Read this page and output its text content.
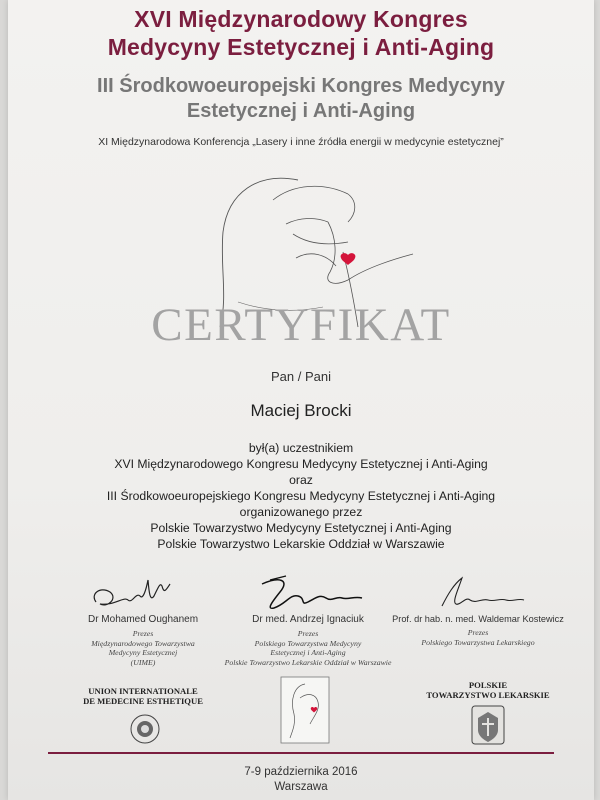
XVI Międzynarodowy Kongres
Medycyny Estetycznej i Anti-Aging
III Środkowoeuropejski Kongres Medycyny
Estetycznej i Anti-Aging
XI Międzynarodowa Konferencja „Lasery i inne źródła energii w medycynie estetycznej”
CERTYFIKAT
Pan / Pani
Maciej Brocki
był(a) uczestnikiem
XVI Międzynarodowego Kongresu Medycyny Estetycznej i Anti-Aging
oraz
III Środkowoeuropejskiego Kongresu Medycyny Estetycznej i Anti-Aging
organizowanego przez
Polskie Towarzystwo Medycyny Estetycznej i Anti-Aging
Polskie Towarzystwo Lekarskie Oddział w Warszawie
Dr Mohamed Oughanem
Prezes
Międzynarodowego Towarzystwa
Medycyny Estetycznej
(UIME)
Dr med. Andrzej Ignaciuk
Prezes
Polskiego Towarzystwa Medycyny
Estetycznej i Anti-Aging
Polskie Towarzystwo Lekarskie Oddział w Warszawie
Prof. dr hab. n. med. Waldemar Kostewicz
Prezes
Polskiego Towarzystwa Lekarskiego
UNION INTERNATIONALE
DE MEDECINE ESTHETIQUE
POLSKIE
TOWARZYSTWO LEKARSKIE
7-9 października 2016
Warszawa
